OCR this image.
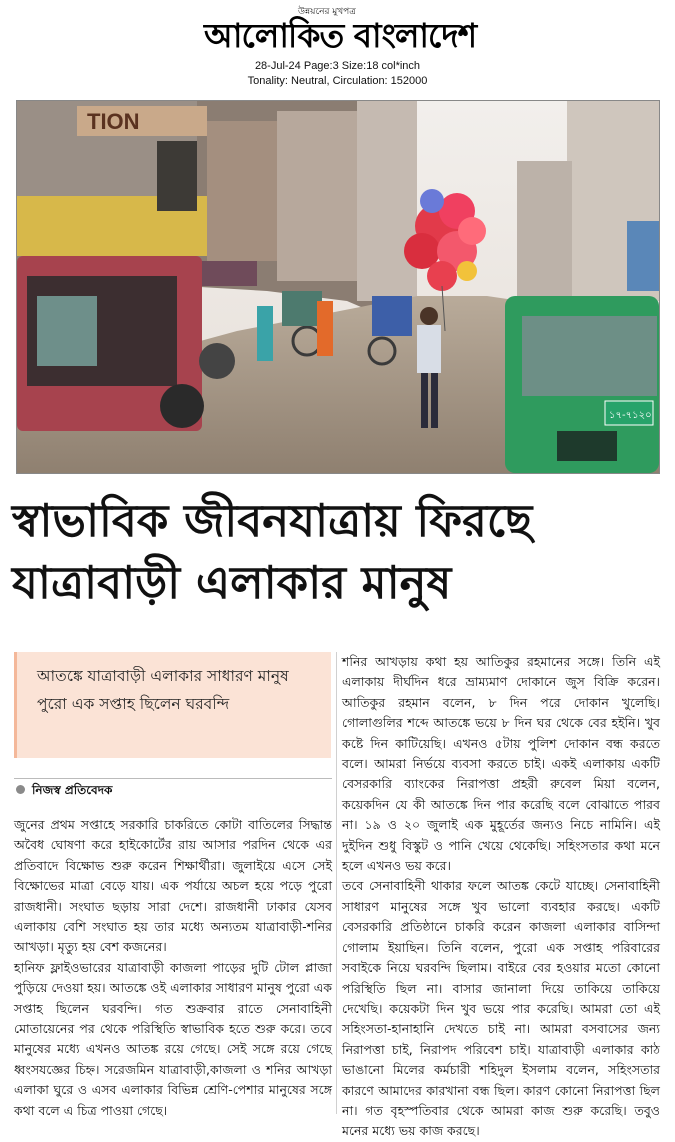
উন্নয়নের মুখপত্র
আলোকিত বাংলাদেশ
28-Jul-24 Page:3 Size:18 col*inch
Tonality: Neutral, Circulation: 152000
TION
১৭-৭১২০
স্বাভাবিক জীবনযাত্রায় ফিরছে
যাত্রাবাড়ী এলাকার মানুষ
আতঙ্কে যাত্রাবাড়ী এলাকার সাধারণ মানুষ পুরো এক সপ্তাহ ছিলেন ঘরবন্দি
নিজস্ব প্রতিবেদক

জুনের প্রথম সপ্তাহে সরকারি চাকরিতে কোটা বাতিলের সিদ্ধান্ত অবৈধ ঘোষণা করে হাইকোর্টের রায় আসার পরদিন থেকে এর প্রতিবাদে বিক্ষোভ শুরু করেন শিক্ষার্থীরা। জুলাইয়ে এসে সেই বিক্ষোভের মাত্রা বেড়ে যায়। এক পর্যায়ে অচল হয়ে পড়ে পুরো রাজধানী। সংঘাত ছড়ায় সারা দেশে। রাজধানী ঢাকার যেসব এলাকায় বেশি সংঘাত হয় তার মধ্যে অন্যতম যাত্রাবাড়ী-শনির আখড়া। মৃত্যু হয় বেশ কজনের।

হানিফ ফ্লাইওভারের যাত্রাবাড়ী কাজলা পাড়ের দুটি টোল প্লাজা পুড়িয়ে দেওয়া হয়। আতঙ্কে ওই এলাকার সাধারণ মানুষ পুরো এক সপ্তাহ ছিলেন ঘরবন্দি। গত শুক্রবার রাতে সেনাবাহিনী মোতায়েনের পর থেকে পরিস্থিতি স্বাভাবিক হতে শুরু করে। তবে মানুষের মধ্যে এখনও আতঙ্ক রয়ে গেছে। সেই সঙ্গে রয়ে গেছে ধ্বংসযজ্ঞের চিহ্ন। সরেজমিন যাত্রাবাড়ী,কাজলা ও শনির আখড়া এলাকা ঘুরে ও এসব এলাকার বিভিন্ন শ্রেণি-পেশার মানুষের সঙ্গে কথা বলে এ চিত্র পাওয়া গেছে।

শনির আখড়ায় কথা হয় আতিকুর রহমানের সঙ্গে। তিনি এই এলাকায় দীর্ঘদিন ধরে ভ্রাম্যমাণ দোকানে জুস বিক্রি করেন। আতিকুর রহমান বলেন, ৮ দিন পরে দোকান খুলেছি। গোলাগুলির শব্দে আতঙ্কে ভয়ে ৮ দিন ঘর থেকে বের হইনি। খুব কষ্টে দিন কাটিয়েছি। এখনও ৫টায় পুলিশ দোকান বন্ধ করতে বলে। আমরা নির্ভয়ে ব্যবসা করতে চাই। একই এলাকায় একটি বেসরকারি ব্যাংকের নিরাপত্তা প্রহরী রুবেল মিয়া বলেন, কয়েকদিন যে কী আতঙ্কে দিন পার করেছি বলে বোঝাতে পারব না। ১৯ ও ২০ জুলাই এক মুহূর্তের জন্যও নিচে নামিনি। এই দুইদিন শুধু বিস্কুট ও পানি খেয়ে থেকেছি। সহিংসতার কথা মনে হলে এখনও ভয় করে।

তবে সেনাবাহিনী থাকার ফলে আতঙ্ক কেটে যাচ্ছে। সেনাবাহিনী সাধারণ মানুষের সঙ্গে খুব ভালো ব্যবহার করছে। একটি বেসরকারি প্রতিষ্ঠানে চাকরি করেন কাজলা এলাকার বাসিন্দা গোলাম ইয়াছিন। তিনি বলেন, পুরো এক সপ্তাহ পরিবারের সবাইকে নিয়ে ঘরবন্দি ছিলাম। বাইরে বের হওয়ার মতো কোনো পরিস্থিতি ছিল না। বাসার জানালা দিয়ে তাকিয়ে তাকিয়ে দেখেছি। কয়েকটা দিন খুব ভয়ে পার করেছি। আমরা তো এই সহিংসতা-হানাহানি দেখতে চাই না। আমরা বসবাসের জন্য নিরাপত্তা চাই, নিরাপদ পরিবেশ চাই। যাত্রাবাড়ী এলাকার কাঠ ভাঙানো মিলের কর্মচারী শহিদুল ইসলাম বলেন, সহিংসতার কারণে আমাদের কারখানা বন্ধ ছিল। কারণ কোনো নিরাপত্তা ছিল না। গত বৃহস্পতিবার থেকে আমরা কাজ শুরু করেছি। তবুও মনের মধ্যে ভয় কাজ করছে।
